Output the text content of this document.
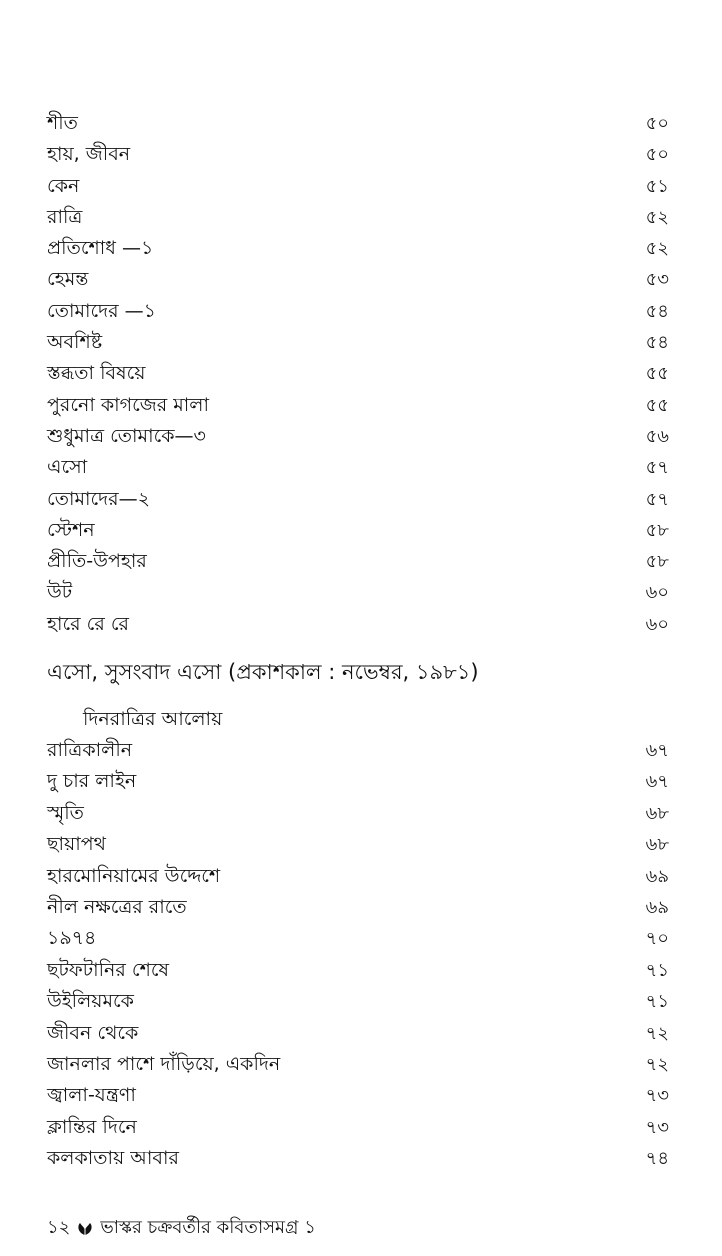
শীত	৫০
হায়, জীবন	৫০
কেন	৫১
রাত্রি	৫২
প্রতিশোধ —১	৫২
হেমন্ত	৫৩
তোমাদের —১	৫৪
অবশিষ্ট	৫৪
স্তব্ধতা বিষয়ে	৫৫
পুরনো কাগজের মালা	৫৫
শুধুমাত্র তোমাকে—৩	৫৬
এসো	৫৭
তোমাদের—২	৫৭
স্টেশন	৫৮
প্রীতি-উপহার	৫৮
উট	৬০
হারে রে রে	৬০
এসো, সুসংবাদ এসো (প্রকাশকাল : নভেম্বর, ১৯৮১)
দিনরাত্রির আলোয়
রাত্রিকালীন	৬৭
দু চার লাইন	৬৭
স্মৃতি	৬৮
ছায়াপথ	৬৮
হারমোনিয়ামের উদ্দেশে	৬৯
নীল নক্ষত্রের রাতে	৬৯
১৯৭৪	৭০
ছটফটানির শেষে	৭১
উইলিয়মকে	৭১
জীবন থেকে	৭২
জানলার পাশে দাঁড়িয়ে, একদিন	৭২
জ্বালা-যন্ত্রণা	৭৩
ক্লান্তির দিনে	৭৩
কলকাতায় আবার	৭৪
১২ ভাস্কর চক্রবর্তীর কবিতাসমগ্র ১
